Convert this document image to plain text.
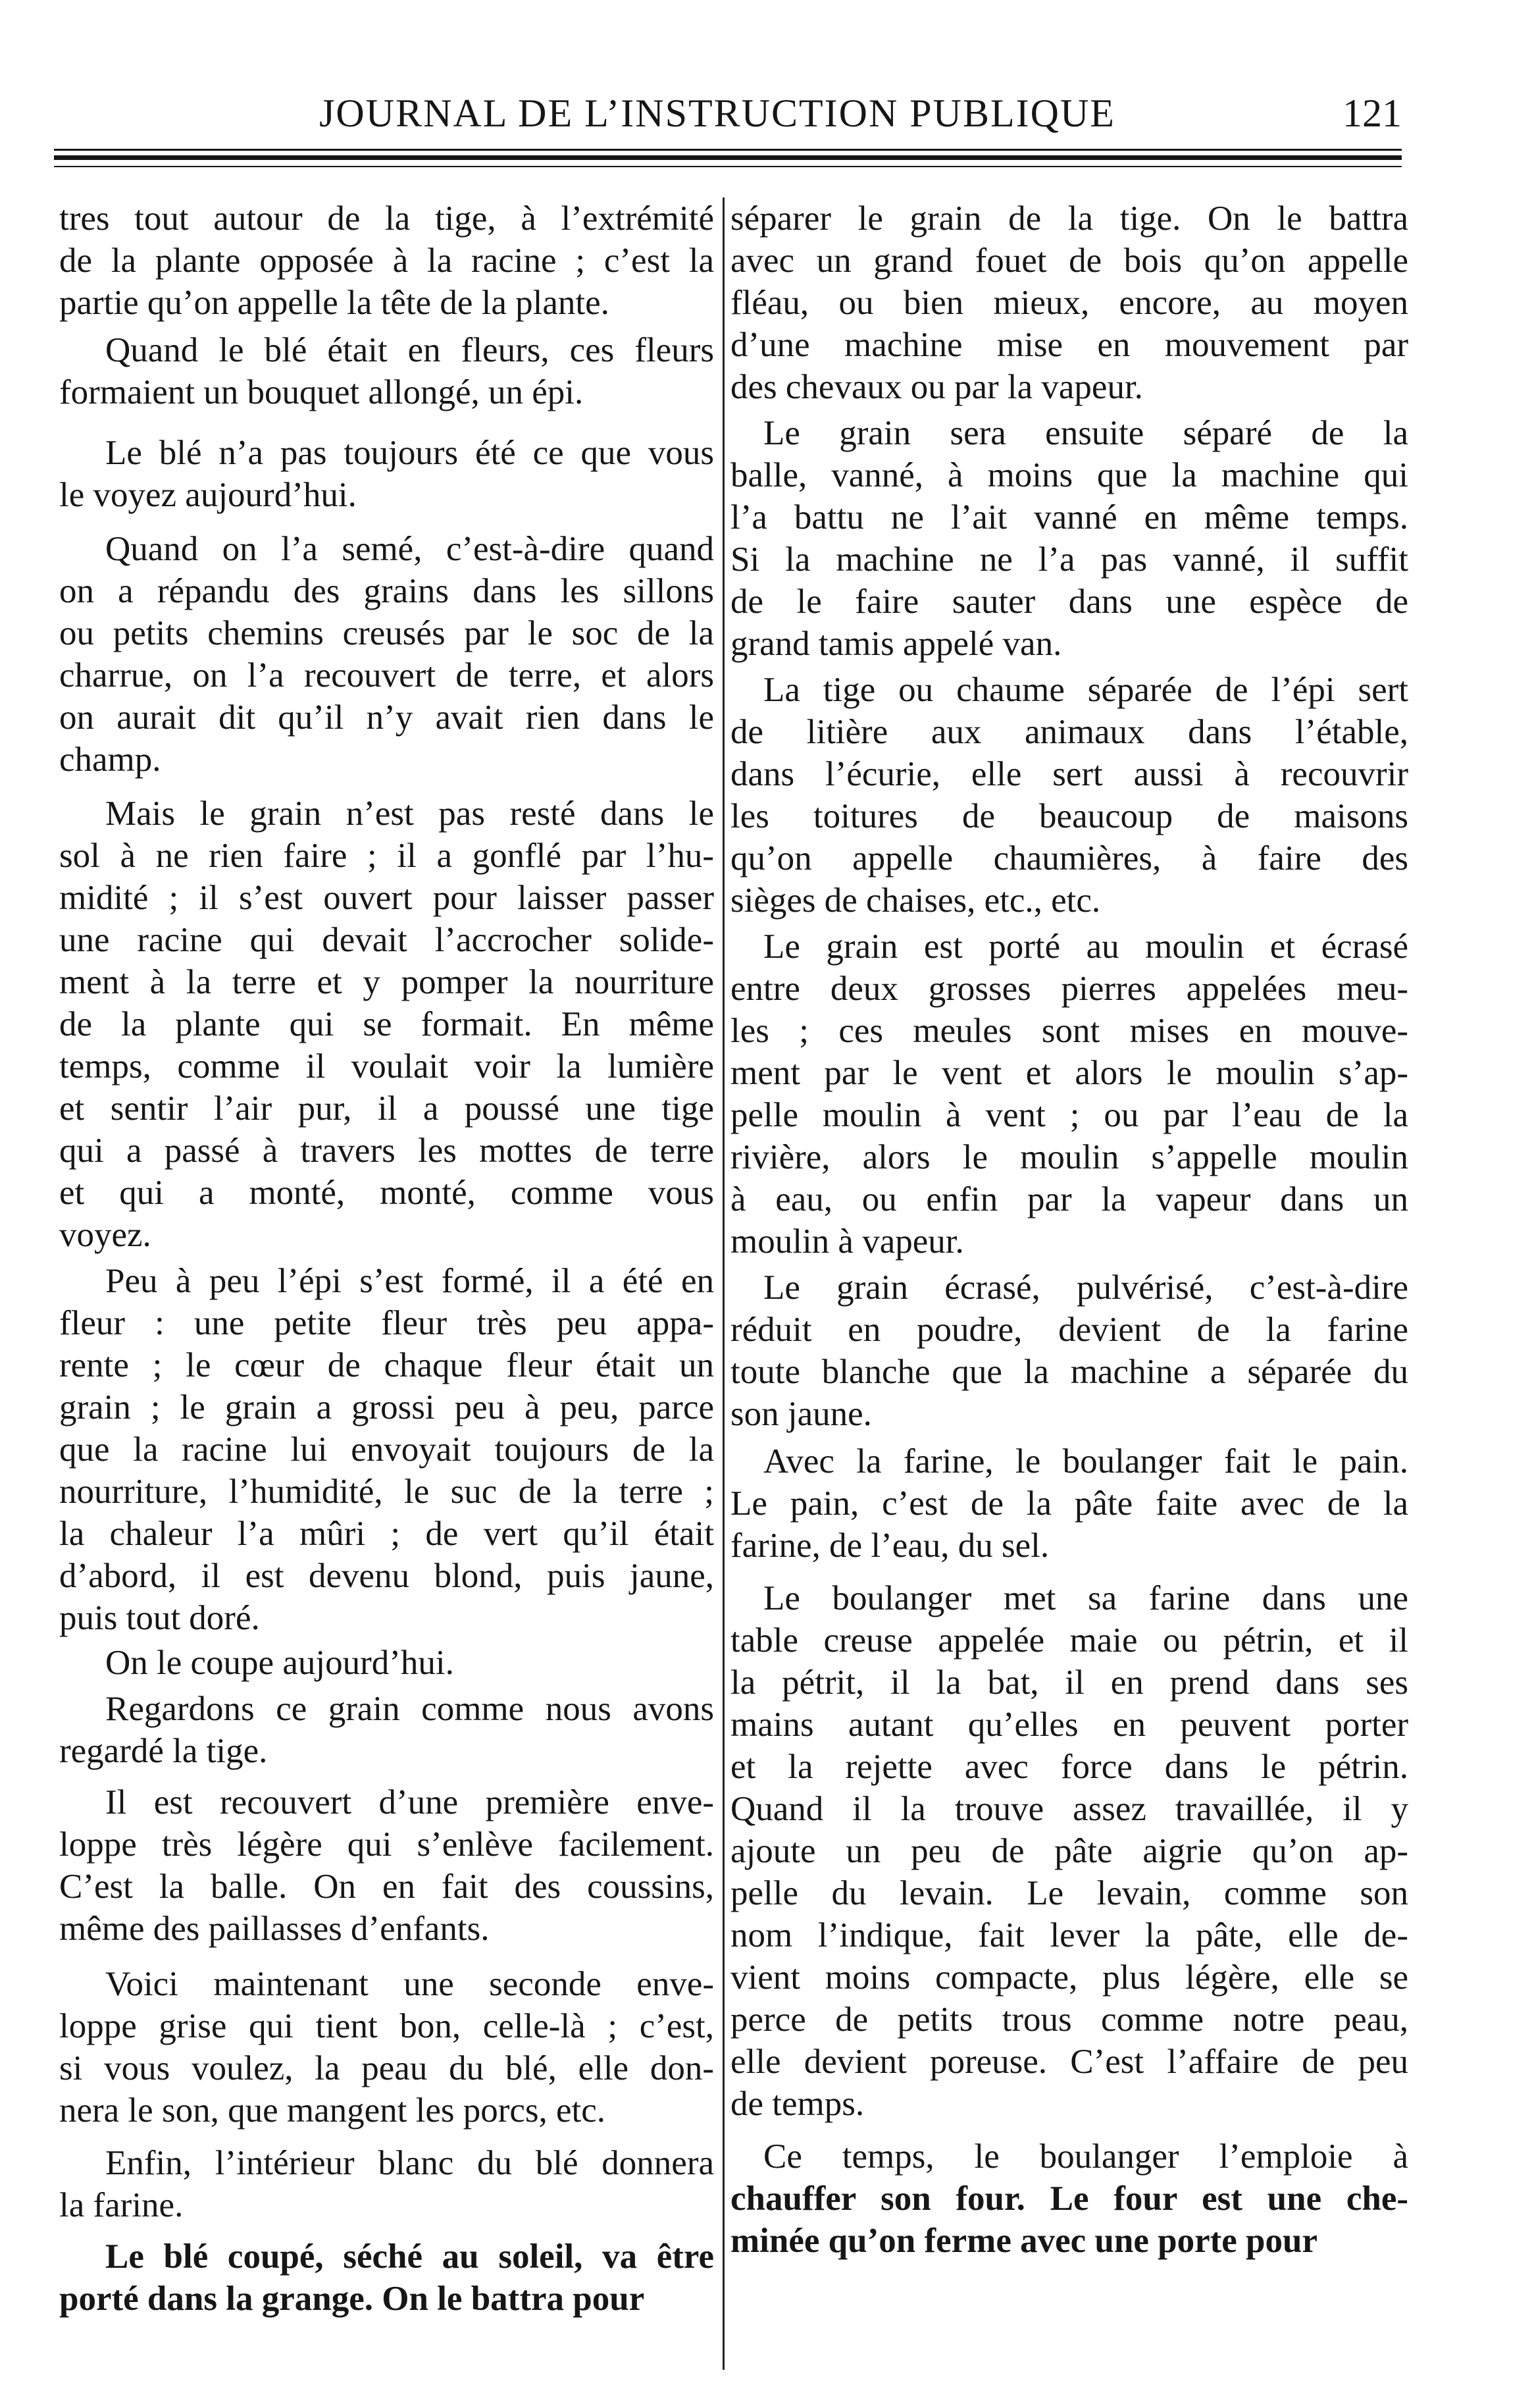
JOURNAL DE L’INSTRUCTION PUBLIQUE	121
tres tout autour de la tige, à l’extrémité
de la plante opposée à la racine ; c’est la
partie qu’on appelle la tête de la plante.
Quand le blé était en fleurs, ces fleurs
formaient un bouquet allongé, un épi.
Le blé n’a pas toujours été ce que vous
le voyez aujourd’hui.
Quand on l’a semé, c’est-à-dire quand
on a répandu des grains dans les sillons
ou petits chemins creusés par le soc de la
charrue, on l’a recouvert de terre, et alors
on aurait dit qu’il n’y avait rien dans le
champ.
Mais le grain n’est pas resté dans le
sol à ne rien faire ; il a gonflé par l’hu-
midité ; il s’est ouvert pour laisser passer
une racine qui devait l’accrocher solide-
ment à la terre et y pomper la nourriture
de la plante qui se formait. En même
temps, comme il voulait voir la lumière
et sentir l’air pur, il a poussé une tige
qui a passé à travers les mottes de terre
et qui a monté, monté, comme vous
voyez.
Peu à peu l’épi s’est formé, il a été en
fleur : une petite fleur très peu appa-
rente ; le cœur de chaque fleur était un
grain ; le grain a grossi peu à peu, parce
que la racine lui envoyait toujours de la
nourriture, l’humidité, le suc de la terre ;
la chaleur l’a mûri ; de vert qu’il était
d’abord, il est devenu blond, puis jaune,
puis tout doré.
On le coupe aujourd’hui.
Regardons ce grain comme nous avons
regardé la tige.
Il est recouvert d’une première enve-
loppe très légère qui s’enlève facilement.
C’est la balle. On en fait des coussins,
même des paillasses d’enfants.
Voici maintenant une seconde enve-
loppe grise qui tient bon, celle-là ; c’est,
si vous voulez, la peau du blé, elle don-
nera le son, que mangent les porcs, etc.
Enfin, l’intérieur blanc du blé donnera
la farine.
Le blé coupé, séché au soleil, va être
porté dans la grange. On le battra pour
séparer le grain de la tige. On le battra
avec un grand fouet de bois qu’on appelle
fléau, ou bien mieux, encore, au moyen
d’une machine mise en mouvement par
des chevaux ou par la vapeur.
Le grain sera ensuite séparé de la
balle, vanné, à moins que la machine qui
l’a battu ne l’ait vanné en même temps.
Si la machine ne l’a pas vanné, il suffit
de le faire sauter dans une espèce de
grand tamis appelé van.
La tige ou chaume séparée de l’épi sert
de litière aux animaux dans l’étable,
dans l’écurie, elle sert aussi à recouvrir
les toitures de beaucoup de maisons
qu’on appelle chaumières, à faire des
sièges de chaises, etc., etc.
Le grain est porté au moulin et écrasé
entre deux grosses pierres appelées meu-
les ; ces meules sont mises en mouve-
ment par le vent et alors le moulin s’ap-
pelle moulin à vent ; ou par l’eau de la
rivière, alors le moulin s’appelle moulin
à eau, ou enfin par la vapeur dans un
moulin à vapeur.
Le grain écrasé, pulvérisé, c’est-à-dire
réduit en poudre, devient de la farine
toute blanche que la machine a séparée du
son jaune.
Avec la farine, le boulanger fait le pain.
Le pain, c’est de la pâte faite avec de la
farine, de l’eau, du sel.
Le boulanger met sa farine dans une
table creuse appelée maie ou pétrin, et il
la pétrit, il la bat, il en prend dans ses
mains autant qu’elles en peuvent porter
et la rejette avec force dans le pétrin.
Quand il la trouve assez travaillée, il y
ajoute un peu de pâte aigrie qu’on ap-
pelle du levain. Le levain, comme son
nom l’indique, fait lever la pâte, elle de-
vient moins compacte, plus légère, elle se
perce de petits trous comme notre peau,
elle devient poreuse. C’est l’affaire de peu
de temps.
Ce temps, le boulanger l’emploie à
chauffer son four. Le four est une che-
minée qu’on ferme avec une porte pour
